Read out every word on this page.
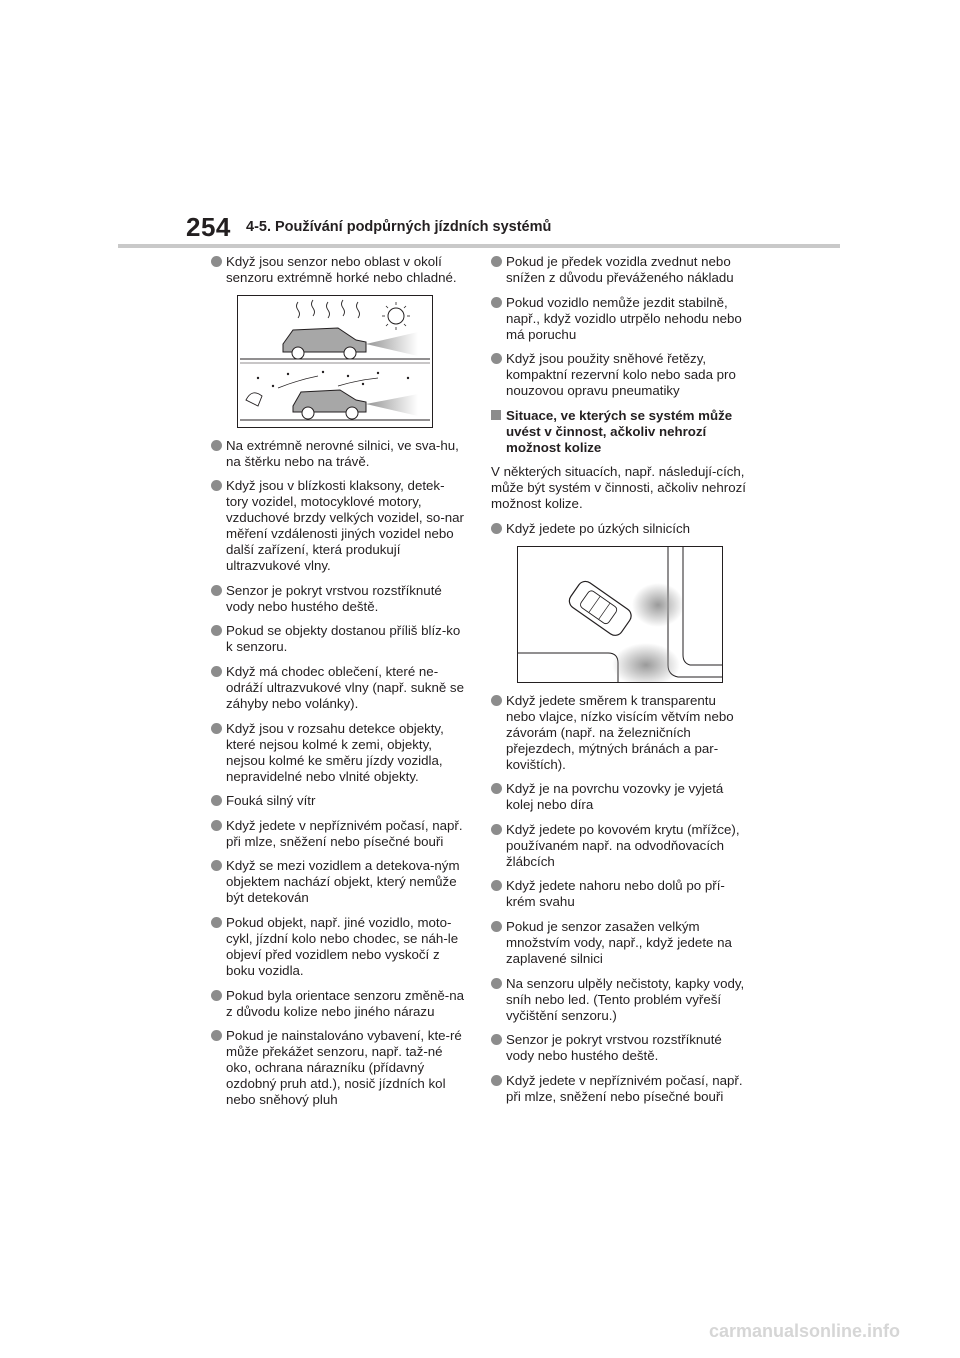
254 4-5. Používání podpůrných jízdních systémů
Když jsou senzor nebo oblast v okolí senzoru extrémně horké nebo chladné.
Na extrémně nerovné silnici, ve sva-hu, na štěrku nebo na trávě.
Když jsou v blízkosti klaksony, detek-tory vozidel, motocyklové motory, vzduchové brzdy velkých vozidel, so-nar měření vzdálenosti jiných vozidel nebo další zařízení, která produkují ultrazvukové vlny.
Senzor je pokryt vrstvou rozstříknuté vody nebo hustého deště.
Pokud se objekty dostanou příliš blíz-ko k senzoru.
Když má chodec oblečení, které ne-odráží ultrazvukové vlny (např. sukně se záhyby nebo volánky).
Když jsou v rozsahu detekce objekty, které nejsou kolmé k zemi, objekty, nejsou kolmé ke směru jízdy vozidla, nepravidelné nebo vlnité objekty.
Fouká silný vítr
Když jedete v nepříznivém počasí, např. při mlze, sněžení nebo písečné bouři
Když se mezi vozidlem a detekova-ným objektem nachází objekt, který nemůže být detekován
Pokud objekt, např. jiné vozidlo, moto-cykl, jízdní kolo nebo chodec, se náh-le objeví před vozidlem nebo vyskočí z boku vozidla.
Pokud byla orientace senzoru změně-na z důvodu kolize nebo jiného nárazu
Pokud je nainstalováno vybavení, kte-ré může překážet senzoru, např. taž-né oko, ochrana nárazníku (přídavný ozdobný pruh atd.), nosič jízdních kol nebo sněhový pluh
Pokud je předek vozidla zvednut nebo snížen z důvodu převáženého nákladu
Pokud vozidlo nemůže jezdit stabilně, např., když vozidlo utrpělo nehodu nebo má poruchu
Když jsou použity sněhové řetězy, kompaktní rezervní kolo nebo sada pro nouzovou opravu pneumatiky
Situace, ve kterých se systém může uvést v činnost, ačkoliv nehrozí možnost kolize
V některých situacích, např. následují-cích, může být systém v činnosti, ačkoliv nehrozí možnost kolize.
Když jedete po úzkých silnicích
Když jedete směrem k transparentu nebo vlajce, nízko visícím větvím nebo závorám (např. na železničních přejezdech, mýtných bránách a par-kovištích).
Když je na povrchu vozovky je vyjetá kolej nebo díra
Když jedete po kovovém krytu (mřížce), používaném např. na odvodňovacích žlábcích
Když jedete nahoru nebo dolů po pří-krém svahu
Pokud je senzor zasažen velkým množstvím vody, např., když jedete na zaplavené silnici
Na senzoru ulpěly nečistoty, kapky vody, sníh nebo led. (Tento problém vyřeší vyčištění senzoru.)
Senzor je pokryt vrstvou rozstříknuté vody nebo hustého deště.
Když jedete v nepříznivém počasí, např. při mlze, sněžení nebo písečné bouři
carmanualsonline.info
